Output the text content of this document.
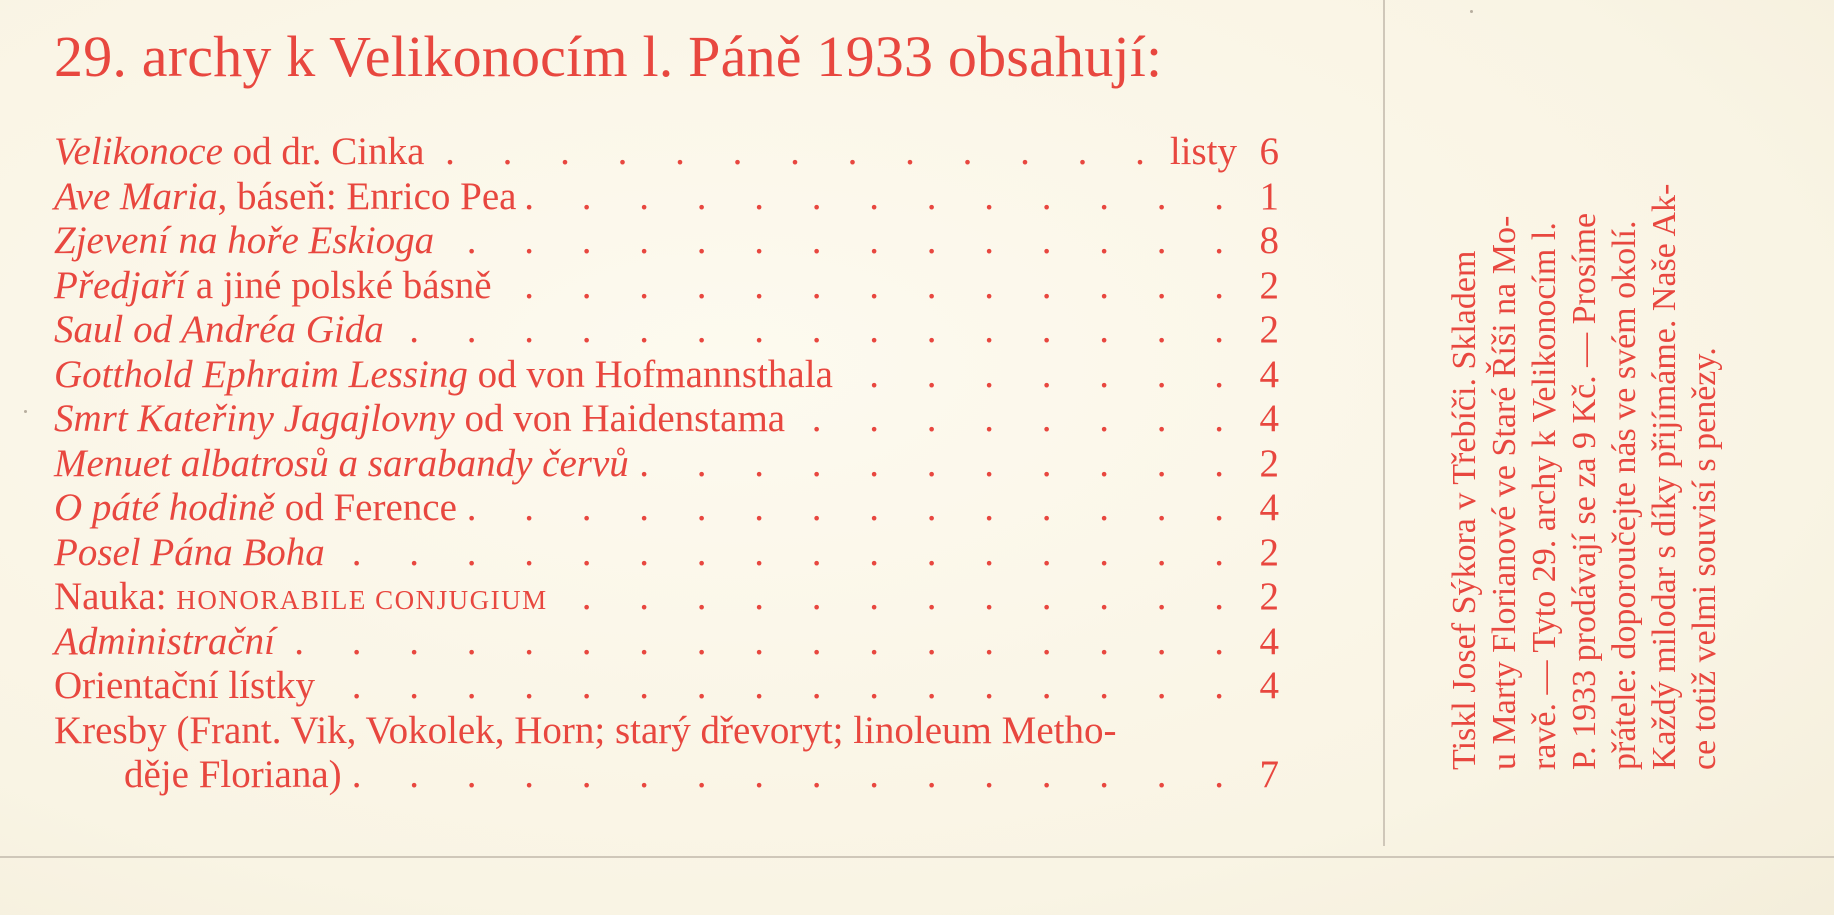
29. archy k Velikonocím l. Páně 1933 obsahují:
Velikonoce od dr. Cinka . . .	listy 6
Ave Maria, báseň: Enrico Pea . . .	1
Zjevení na hoře Eskioga . . .	8
Předjaří a jiné polské básně . . .	2
Saul od Andréa Gida . . .	2
Gotthold Ephraim Lessing od von Hofmannsthala . . .	4
Smrt Kateřiny Jagajlovny od von Haidenstama . . .	4
Menuet albatrosů a sarabandy červů . . .	2
O páté hodině od Ference . . .	4
Posel Pána Boha . . .	2
Nauka: HONORABILE CONJUGIUM . . .	2
Administrační . . .	4
Orientační lístky . . .	4
Kresby (Frant. Vik, Vokolek, Horn; starý dřevoryt; linoleum Metho-
děje Floriana) . . .	7
Tiskl Josef Sýkora v Třebíči. Skladem u Marty Florianové ve Staré Říši na Mo- ravě. — Tyto 29. archy k Velikonocím l. P. 1933 prodávají se za 9 Kč. — Prosíme přátele: doporoučejte nás ve svém okolí. Každý milodar s díky přijímáme. Naše Ak- ce totiž velmi souvisí s penězy.
